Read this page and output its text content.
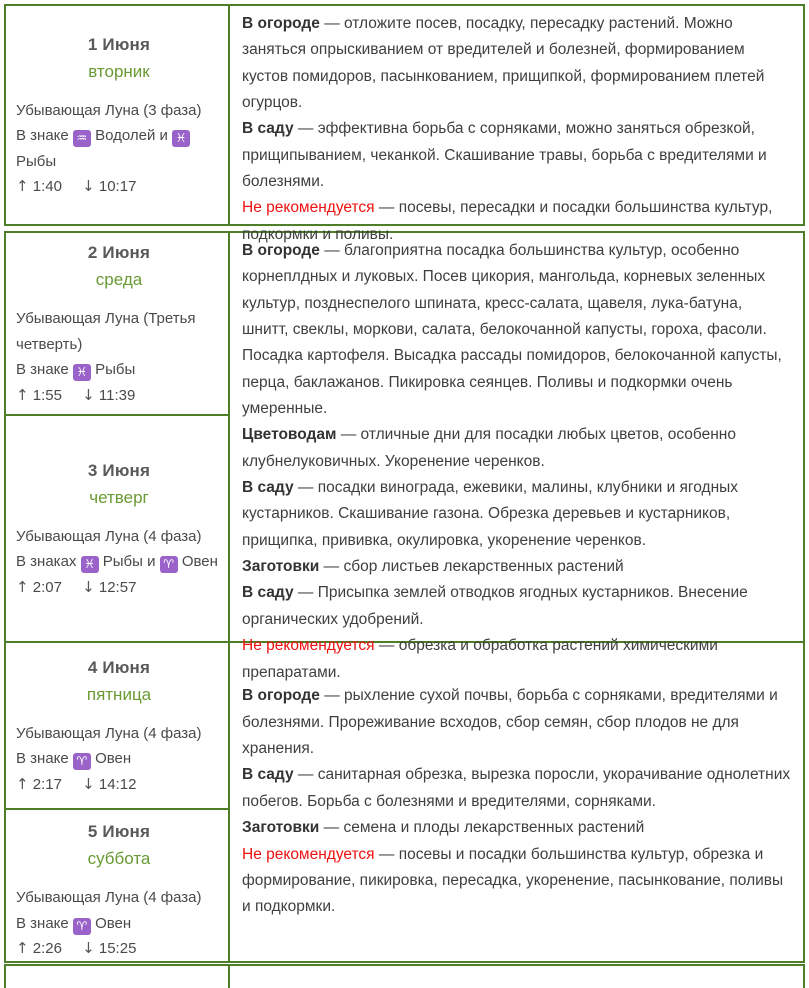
1 Июня
вторник
Убывающая Луна (3 фаза)
В знаке ♒ Водолей и ♓ Рыбы
↑ 1:40 ↓ 10:17

В огороде — отложите посев, посадку, пересадку растений. Можно заняться опрыскиванием от вредителей и болезней, формированием кустов помидоров, пасынкованием, прищипкой, формированием плетей огурцов.

В саду — эффективна борьба с сорняками, можно заняться обрезкой, прищипыванием, чеканкой. Скашивание травы, борьба с вредителями и болезнями.

Не рекомендуется — посевы, пересадки и посадки большинства культур, подкормки и поливы.

2 Июня
среда
Убывающая Луна (Третья четверть)
В знаке ♓ Рыбы
↑ 1:55 ↓ 11:39
3 Июня
четверг
Убывающая Луна (4 фаза)
В знаках ♓ Рыбы и ♈ Овен
↑ 2:07 ↓ 12:57

В огороде — благоприятна посадка большинства культур, особенно корнеплдных и луковых. Посев цикория, мангольда, корневых зеленных культур, позднеспелого шпината, кресс-салата, щавеля, лука-батуна, шнитт, свеклы, моркови, салата, белокочанной капусты, гороха, фасоли. Посадка картофеля. Высадка рассады помидоров, белокочанной капусты, перца, баклажанов. Пикировка сеянцев. Поливы и подкормки очень умеренные.

Цветоводам — отличные дни для посадки любых цветов, особенно клубнелуковичных. Укоренение черенков.

В саду — посадки винограда, ежевики, малины, клубники и ягодных кустарников. Скашивание газона. Обрезка деревьев и кустарников, прищипка, прививка, окулировка, укоренение черенков.

Заготовки — сбор листьев лекарственных растений

В саду — Присыпка землей отводков ягодных кустарников. Внесение органических удобрений.

Не рекомендуется — обрезка и обработка растений химическими препаратами.

4 Июня
пятница
Убывающая Луна (4 фаза)
В знаке ♈ Овен
↑ 2:17 ↓ 14:12
5 Июня
суббота
Убывающая Луна (4 фаза)
В знаке ♈ Овен
↑ 2:26 ↓ 15:25

В огороде — рыхление сухой почвы, борьба с сорняками, вредителями и болезнями. Прореживание всходов, сбор семян, сбор плодов не для хранения.

В саду — санитарная обрезка, вырезка поросли, укорачивание однолетних побегов. Борьба с болезнями и вредителями, сорняками.

Заготовки — семена и плоды лекарственных растений

Не рекомендуется — посевы и посадки большинства культур, обрезка и формирование, пикировка, пересадка, укоренение, пасынкование, поливы и подкормки.
